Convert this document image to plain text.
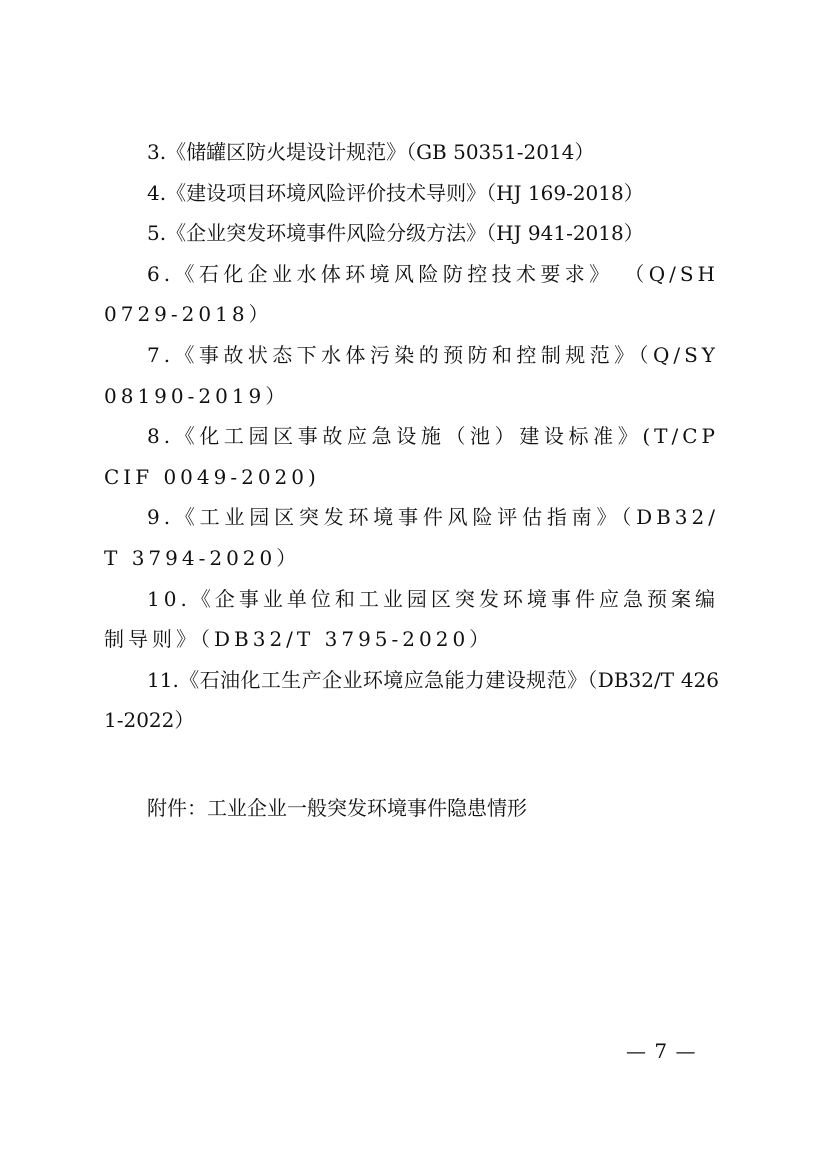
3.《储罐区防火堤设计规范》（GB 50351-2014）

4.《建设项目环境风险评价技术导则》（HJ 169-2018）

5.《企业突发环境事件风险分级方法》（HJ 941-2018）

6.《石化企业水体环境风险防控技术要求》 （Q/SH 0729-2018）

7.《事故状态下水体污染的预防和控制规范》（Q/SY 08190-2019）

8.《化工园区事故应急设施（池）建设标准》(T/CPCIF 0049-2020)

9.《工业园区突发环境事件风险评估指南》（DB32/T 3794-2020）

10.《企事业单位和工业园区突发环境事件应急预案编制导则》（DB32/T 3795-2020）

11.《石油化工生产企业环境应急能力建设规范》（DB32/T 4261-2022）

附件：工业企业一般突发环境事件隐患情形

— 7 —
